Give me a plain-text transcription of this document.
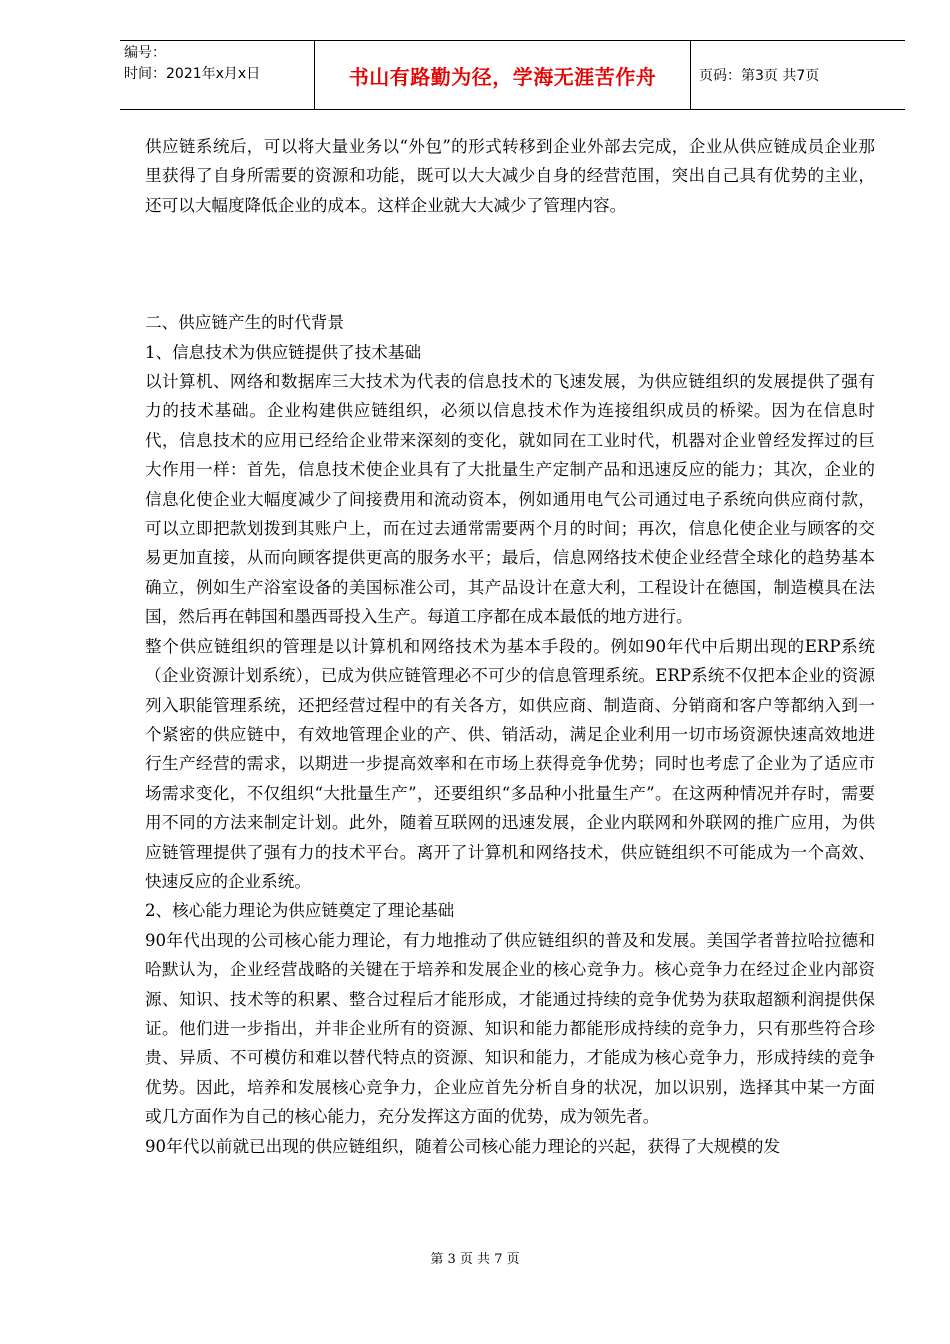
编号：
时间：2021年x月x日	书山有路勤为径，学海无涯苦作舟	页码：第3页 共7页

供应链系统后，可以将大量业务以“外包”的形式转移到企业外部去完成，企业从供应链成员企业那里获得了自身所需要的资源和功能，既可以大大减少自身的经营范围，突出自己具有优势的主业，还可以大幅度降低企业的成本。这样企业就大大减少了管理内容。

二、供应链产生的时代背景

1、信息技术为供应链提供了技术基础

以计算机、网络和数据库三大技术为代表的信息技术的飞速发展，为供应链组织的发展提供了强有力的技术基础。企业构建供应链组织，必须以信息技术作为连接组织成员的桥梁。因为在信息时代，信息技术的应用已经给企业带来深刻的变化，就如同在工业时代，机器对企业曾经发挥过的巨大作用一样：首先，信息技术使企业具有了大批量生产定制产品和迅速反应的能力；其次，企业的信息化使企业大幅度减少了间接费用和流动资本，例如通用电气公司通过电子系统向供应商付款，可以立即把款划拨到其账户上，而在过去通常需要两个月的时间；再次，信息化使企业与顾客的交易更加直接，从而向顾客提供更高的服务水平；最后，信息网络技术使企业经营全球化的趋势基本确立，例如生产浴室设备的美国标准公司，其产品设计在意大利，工程设计在德国，制造模具在法国，然后再在韩国和墨西哥投入生产。每道工序都在成本最低的地方进行。

整个供应链组织的管理是以计算机和网络技术为基本手段的。例如90年代中后期出现的ERP系统（企业资源计划系统），已成为供应链管理必不可少的信息管理系统。ERP系统不仅把本企业的资源列入职能管理系统，还把经营过程中的有关各方，如供应商、制造商、分销商和客户等都纳入到一个紧密的供应链中，有效地管理企业的产、供、销活动，满足企业利用一切市场资源快速高效地进行生产经营的需求，以期进一步提高效率和在市场上获得竞争优势；同时也考虑了企业为了适应市场需求变化，不仅组织“大批量生产”，还要组织“多品种小批量生产”。在这两种情况并存时，需要用不同的方法来制定计划。此外，随着互联网的迅速发展，企业内联网和外联网的推广应用，为供应链管理提供了强有力的技术平台。离开了计算机和网络技术，供应链组织不可能成为一个高效、快速反应的企业系统。

2、核心能力理论为供应链奠定了理论基础

90年代出现的公司核心能力理论，有力地推动了供应链组织的普及和发展。美国学者普拉哈拉德和哈默认为，企业经营战略的关键在于培养和发展企业的核心竞争力。核心竞争力在经过企业内部资源、知识、技术等的积累、整合过程后才能形成，才能通过持续的竞争优势为获取超额利润提供保证。他们进一步指出，并非企业所有的资源、知识和能力都能形成持续的竞争力，只有那些符合珍贵、异质、不可模仿和难以替代特点的资源、知识和能力，才能成为核心竞争力，形成持续的竞争优势。因此，培养和发展核心竞争力，企业应首先分析自身的状况，加以识别，选择其中某一方面或几方面作为自己的核心能力，充分发挥这方面的优势，成为领先者。

90年代以前就已出现的供应链组织，随着公司核心能力理论的兴起，获得了大规模的发

第 3 页 共 7 页
